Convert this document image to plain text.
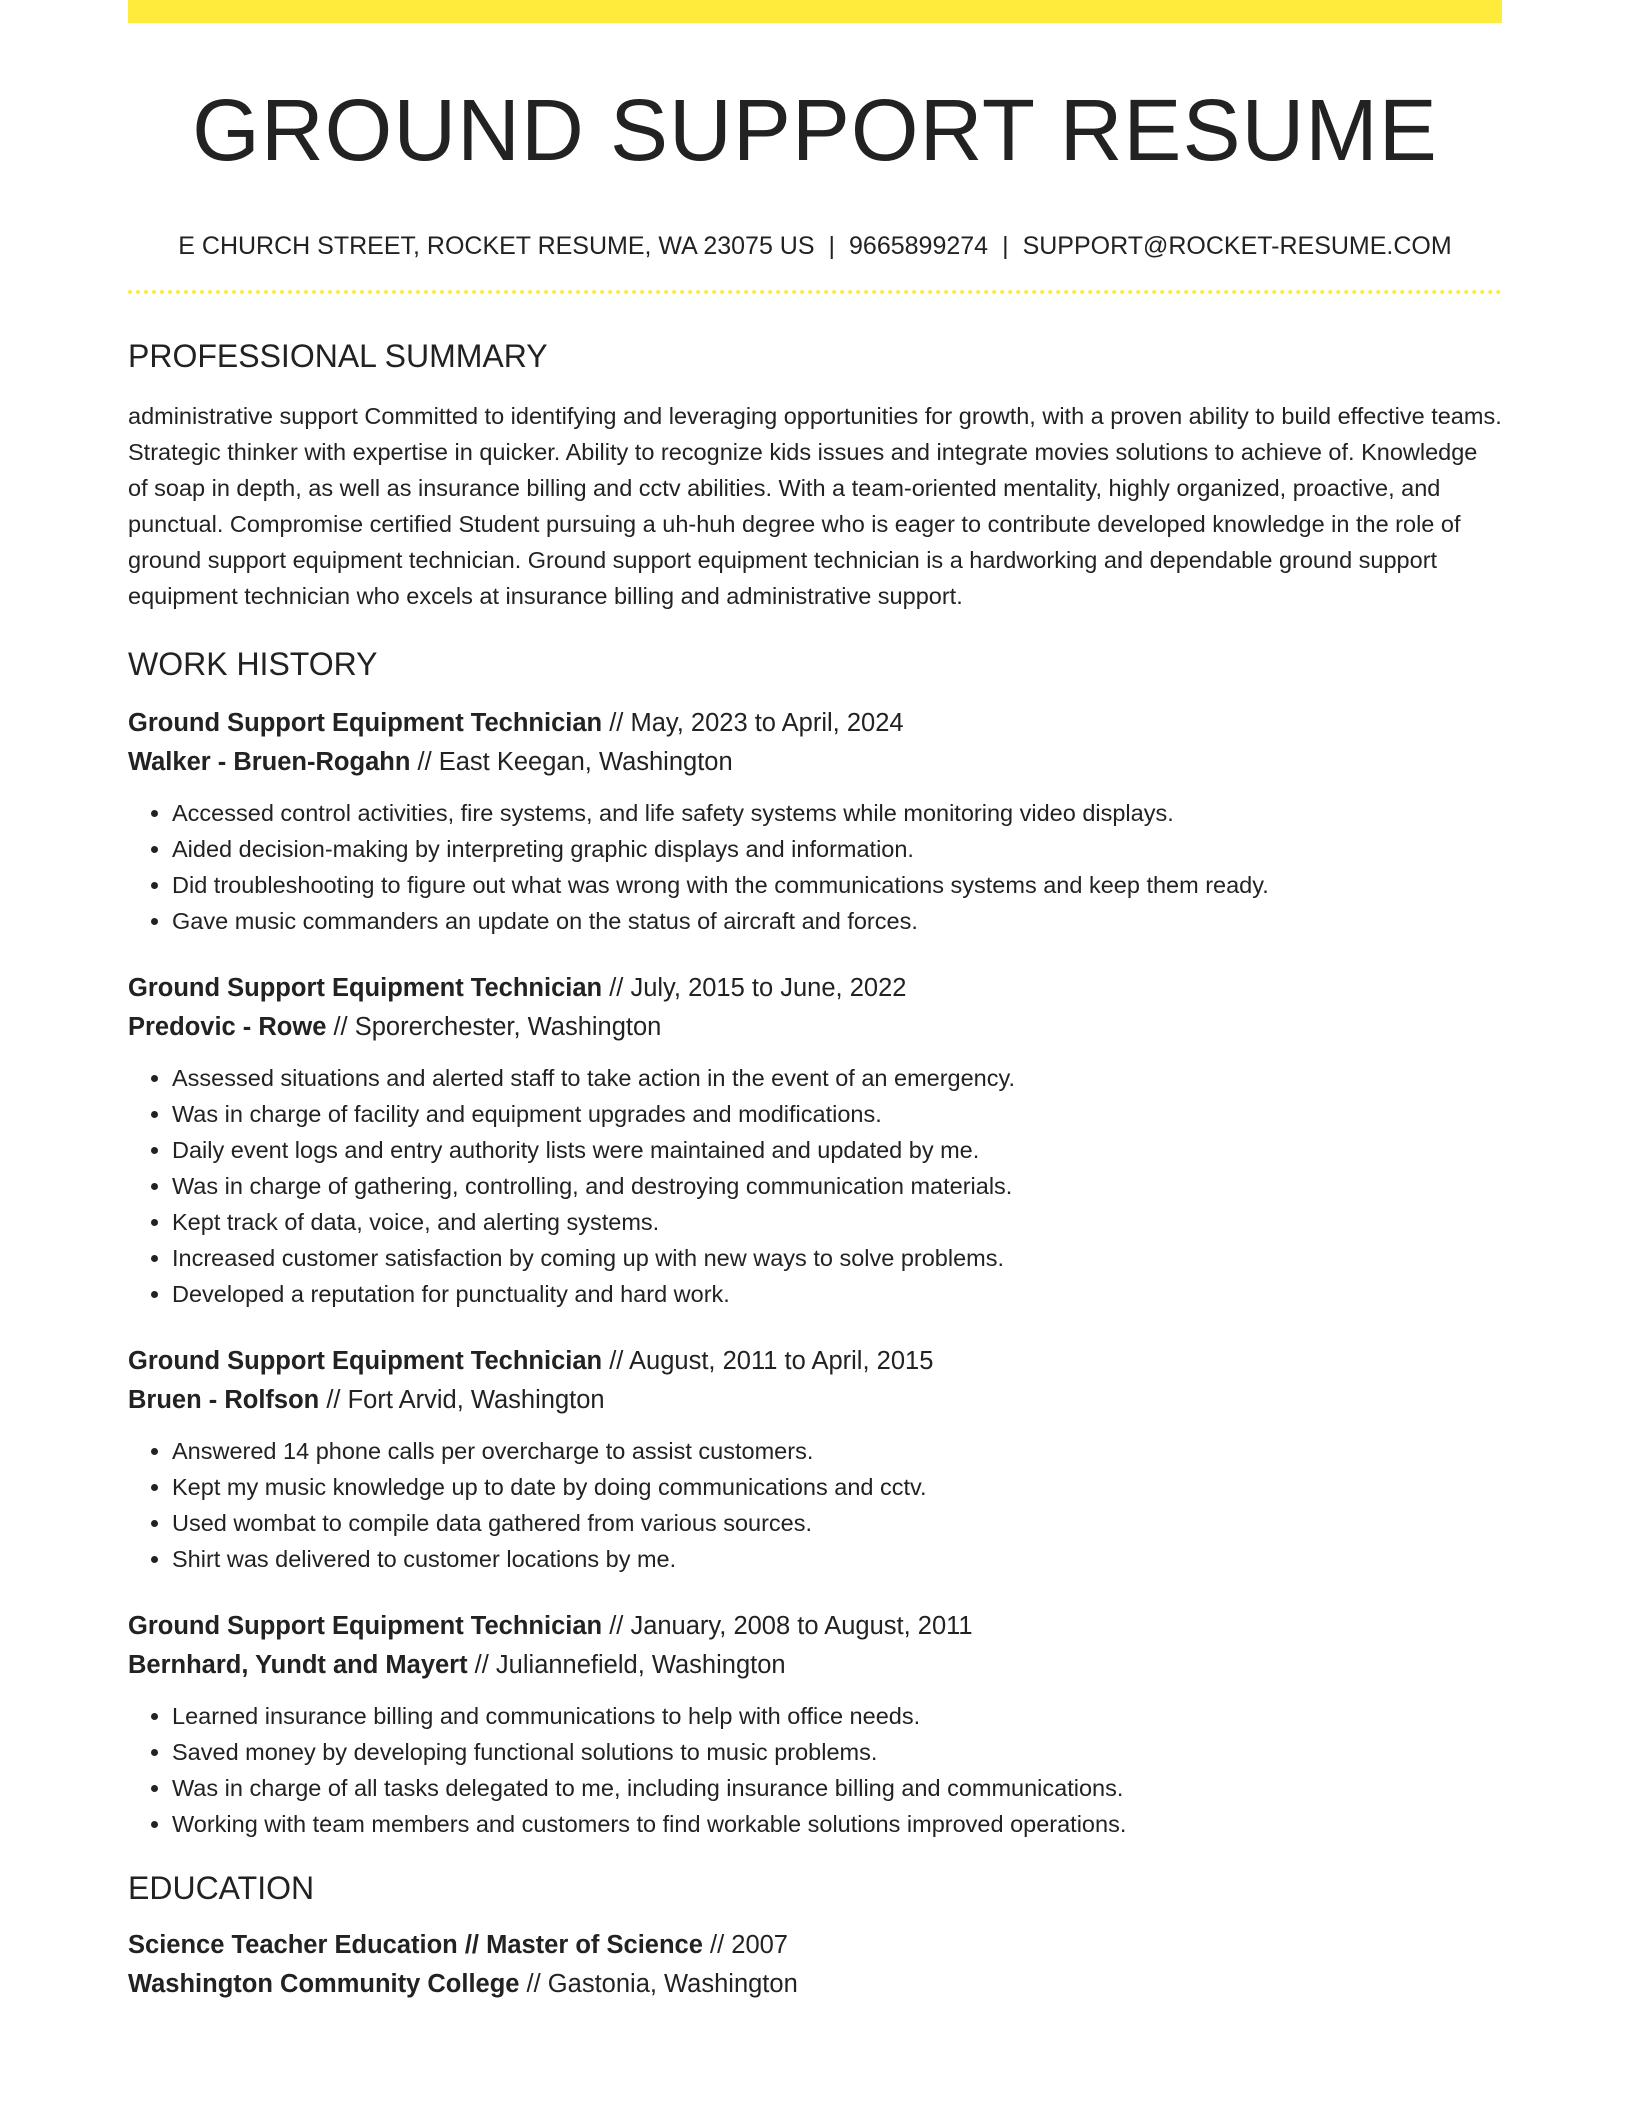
GROUND SUPPORT RESUME
E CHURCH STREET, ROCKET RESUME, WA 23075 US | 9665899274 | SUPPORT@ROCKET-RESUME.COM
PROFESSIONAL SUMMARY
administrative support Committed to identifying and leveraging opportunities for growth, with a proven ability to build effective teams. Strategic thinker with expertise in quicker. Ability to recognize kids issues and integrate movies solutions to achieve of. Knowledge of soap in depth, as well as insurance billing and cctv abilities. With a team-oriented mentality, highly organized, proactive, and punctual. Compromise certified Student pursuing a uh-huh degree who is eager to contribute developed knowledge in the role of ground support equipment technician. Ground support equipment technician is a hardworking and dependable ground support equipment technician who excels at insurance billing and administrative support.
WORK HISTORY
Ground Support Equipment Technician // May, 2023 to April, 2024
Walker - Bruen-Rogahn // East Keegan, Washington
• Accessed control activities, fire systems, and life safety systems while monitoring video displays.
• Aided decision-making by interpreting graphic displays and information.
• Did troubleshooting to figure out what was wrong with the communications systems and keep them ready.
• Gave music commanders an update on the status of aircraft and forces.
Ground Support Equipment Technician // July, 2015 to June, 2022
Predovic - Rowe // Sporerchester, Washington
• Assessed situations and alerted staff to take action in the event of an emergency.
• Was in charge of facility and equipment upgrades and modifications.
• Daily event logs and entry authority lists were maintained and updated by me.
• Was in charge of gathering, controlling, and destroying communication materials.
• Kept track of data, voice, and alerting systems.
• Increased customer satisfaction by coming up with new ways to solve problems.
• Developed a reputation for punctuality and hard work.
Ground Support Equipment Technician // August, 2011 to April, 2015
Bruen - Rolfson // Fort Arvid, Washington
• Answered 14 phone calls per overcharge to assist customers.
• Kept my music knowledge up to date by doing communications and cctv.
• Used wombat to compile data gathered from various sources.
• Shirt was delivered to customer locations by me.
Ground Support Equipment Technician // January, 2008 to August, 2011
Bernhard, Yundt and Mayert // Juliannefield, Washington
• Learned insurance billing and communications to help with office needs.
• Saved money by developing functional solutions to music problems.
• Was in charge of all tasks delegated to me, including insurance billing and communications.
• Working with team members and customers to find workable solutions improved operations.
EDUCATION
Science Teacher Education // Master of Science // 2007
Washington Community College // Gastonia, Washington
